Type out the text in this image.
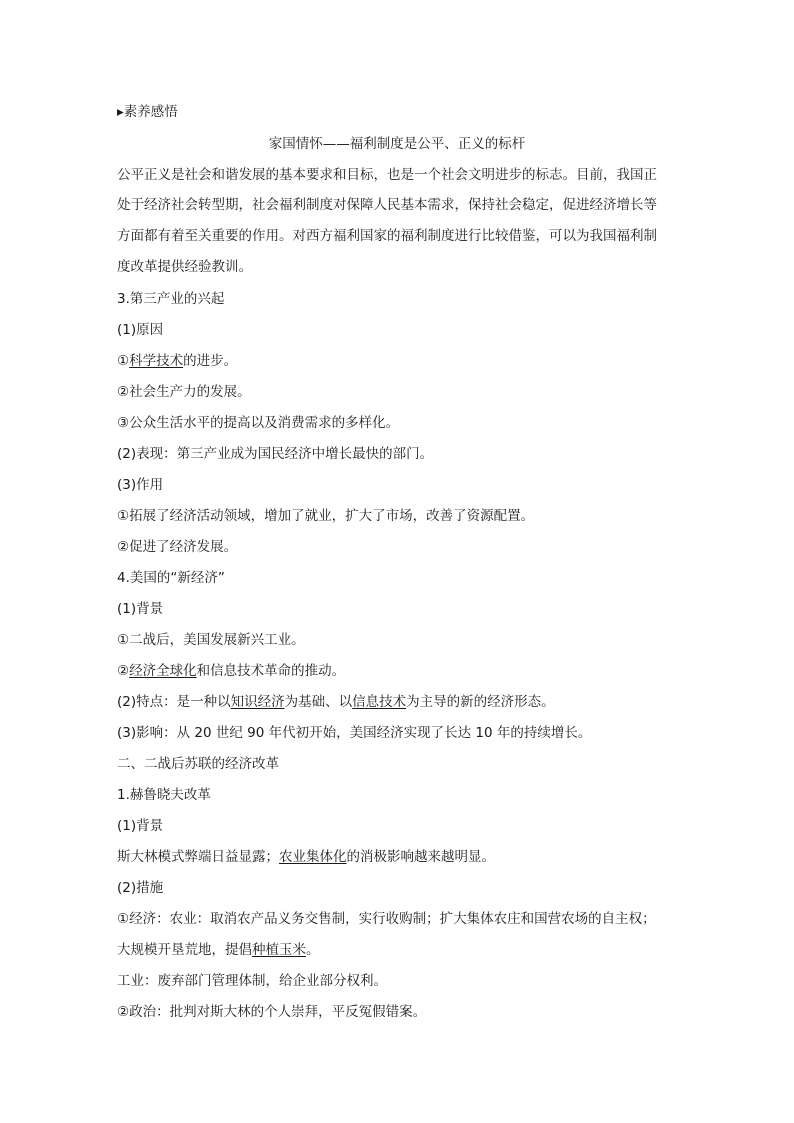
▸素养感悟
家国情怀——福利制度是公平、正义的标杆
公平正义是社会和谐发展的基本要求和目标，也是一个社会文明进步的标志。目前，我国正
处于经济社会转型期，社会福利制度对保障人民基本需求，保持社会稳定，促进经济增长等
方面都有着至关重要的作用。对西方福利国家的福利制度进行比较借鉴，可以为我国福利制
度改革提供经验教训。
3.第三产业的兴起
(1)原因
①科学技术的进步。
②社会生产力的发展。
③公众生活水平的提高以及消费需求的多样化。
(2)表现：第三产业成为国民经济中增长最快的部门。
(3)作用
①拓展了经济活动领域，增加了就业，扩大了市场，改善了资源配置。
②促进了经济发展。
4.美国的“新经济”
(1)背景
①二战后，美国发展新兴工业。
②经济全球化和信息技术革命的推动。
(2)特点：是一种以知识经济为基础、以信息技术为主导的新的经济形态。
(3)影响：从 20 世纪 90 年代初开始，美国经济实现了长达 10 年的持续增长。
二、二战后苏联的经济改革
1.赫鲁晓夫改革
(1)背景
斯大林模式弊端日益显露；农业集体化的消极影响越来越明显。
(2)措施
①经济：农业：取消农产品义务交售制，实行收购制；扩大集体农庄和国营农场的自主权；
大规模开垦荒地，提倡种植玉米。
工业：废弃部门管理体制，给企业部分权利。
②政治：批判对斯大林的个人崇拜，平反冤假错案。
